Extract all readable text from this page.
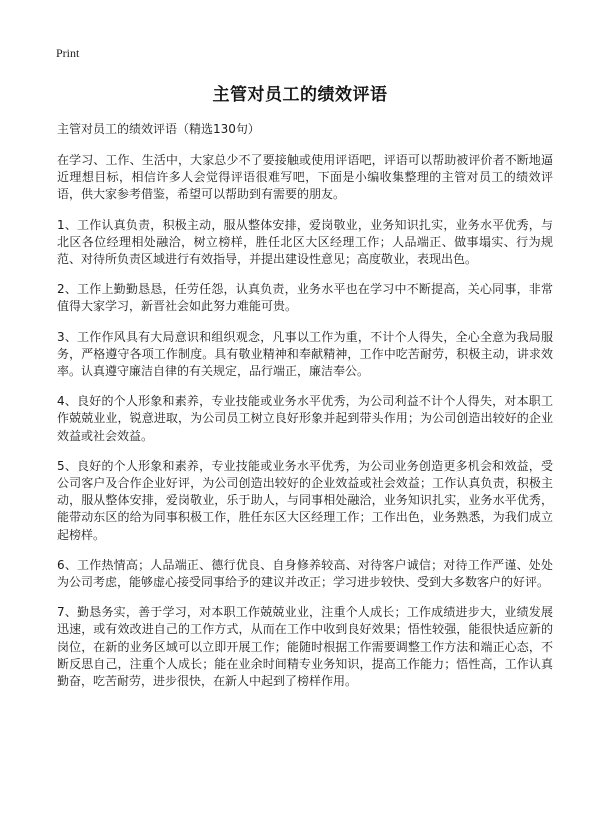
Print
主管对员工的绩效评语

主管对员工的绩效评语（精选130句）

在学习、工作、生活中，大家总少不了要接触或使用评语吧，评语可以帮助被评价者不断地逼近理想目标，相信许多人会觉得评语很难写吧，下面是小编收集整理的主管对员工的绩效评语，供大家参考借鉴，希望可以帮助到有需要的朋友。

1、工作认真负责，积极主动，服从整体安排，爱岗敬业，业务知识扎实，业务水平优秀，与北区各位经理相处融洽，树立榜样，胜任北区大区经理工作；人品端正、做事塌实、行为规范、对待所负责区域进行有效指导，并提出建设性意见；高度敬业，表现出色。

2、工作上勤勤恳恳，任劳任怨，认真负责，业务水平也在学习中不断提高，关心同事，非常值得大家学习，新晋社会如此努力难能可贵。

3、工作作风具有大局意识和组织观念，凡事以工作为重，不计个人得失，全心全意为我局服务，严格遵守各项工作制度。具有敬业精神和奉献精神，工作中吃苦耐劳，积极主动，讲求效率。认真遵守廉洁自律的有关规定，品行端正，廉洁奉公。

4、良好的个人形象和素养，专业技能或业务水平优秀，为公司利益不计个人得失，对本职工作兢兢业业，锐意进取，为公司员工树立良好形象并起到带头作用；为公司创造出较好的企业效益或社会效益。

5、良好的个人形象和素养，专业技能或业务水平优秀，为公司业务创造更多机会和效益，受公司客户及合作企业好评，为公司创造出较好的企业效益或社会效益；工作认真负责，积极主动，服从整体安排，爱岗敬业，乐于助人，与同事相处融洽，业务知识扎实，业务水平优秀，能带动东区的给为同事积极工作，胜任东区大区经理工作；工作出色，业务熟悉，为我们成立起榜样。

6、工作热情高；人品端正、德行优良、自身修养较高、对待客户诚信；对待工作严谨、处处为公司考虑，能够虚心接受同事给予的建议并改正；学习进步较快、受到大多数客户的好评。

7、勤恳务实，善于学习，对本职工作兢兢业业，注重个人成长；工作成绩进步大，业绩发展迅速，或有效改进自己的工作方式，从而在工作中收到良好效果；悟性较强，能很快适应新的岗位，在新的业务区域可以立即开展工作；能随时根据工作需要调整工作方法和端正心态，不断反思自己，注重个人成长；能在业余时间精专业务知识，提高工作能力；悟性高，工作认真勤奋，吃苦耐劳，进步很快，在新人中起到了榜样作用。
